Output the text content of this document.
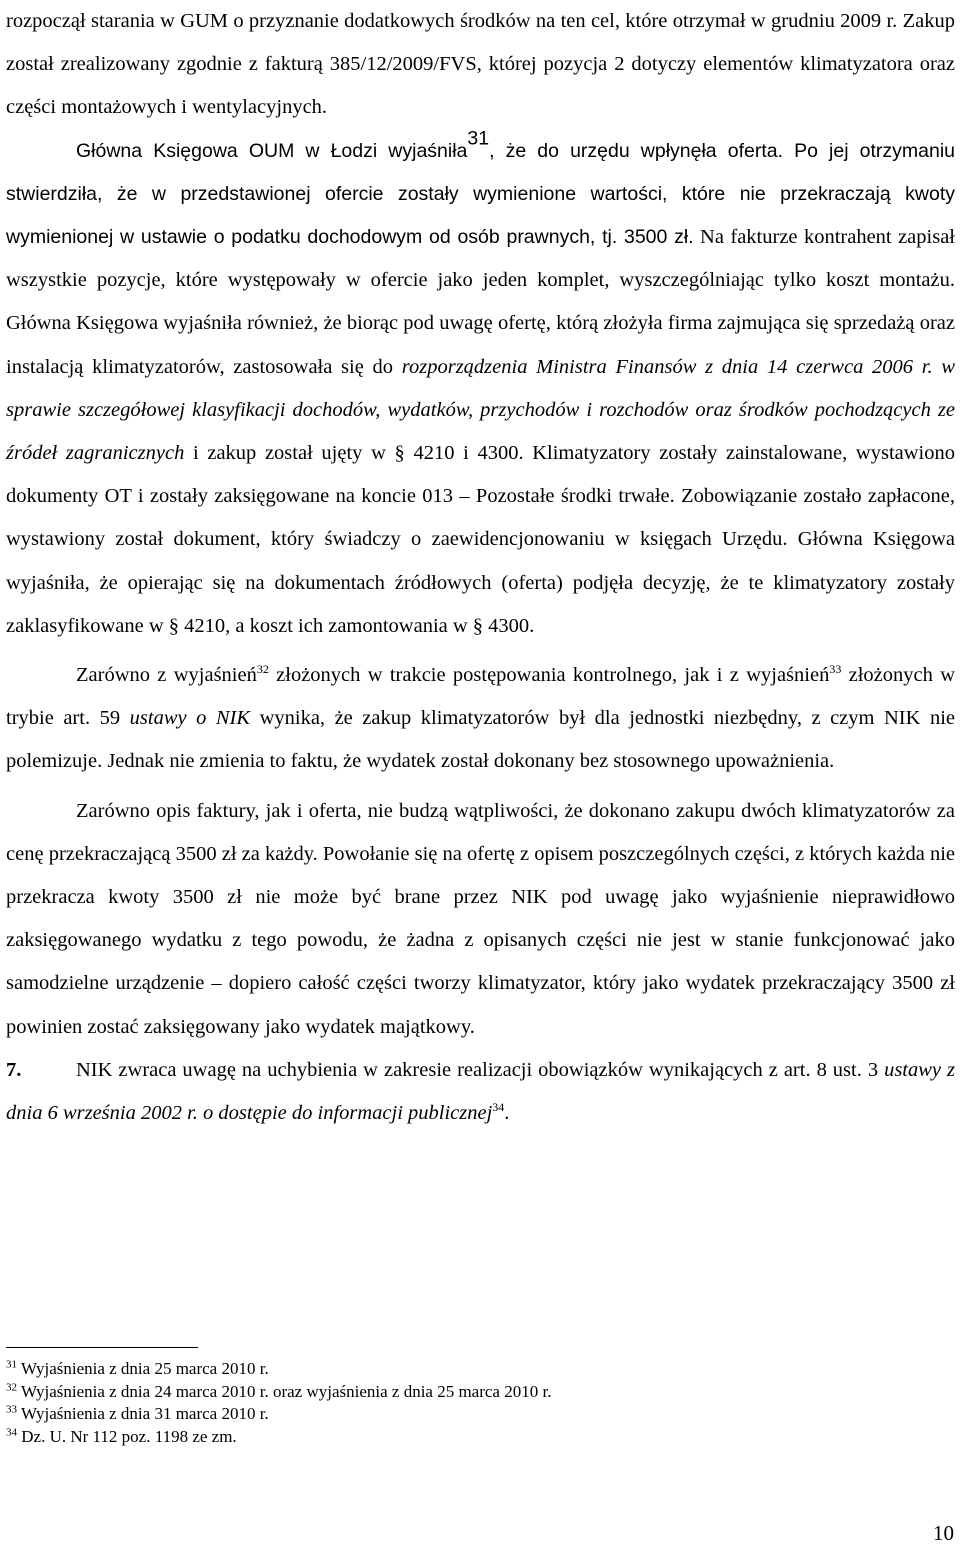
rozpoczął starania w GUM o przyznanie dodatkowych środków na ten cel, które otrzymał w grudniu 2009 r. Zakup został zrealizowany zgodnie z fakturą 385/12/2009/FVS, której pozycja 2 dotyczy elementów klimatyzatora oraz części montażowych i wentylacyjnych.

Główna Księgowa OUM w Łodzi wyjaśniła$^{31}$, że do urzędu wpłynęła oferta. Po jej otrzymaniu stwierdziła, że w przedstawionej ofercie zostały wymienione wartości, które nie przekraczają kwoty wymienionej w ustawie o podatku dochodowym od osób prawnych, tj. 3500 zł. Na fakturze kontrahent zapisał wszystkie pozycje, które występowały w ofercie jako jeden komplet, wyszczególniając tylko koszt montażu. Główna Księgowa wyjaśniła również, że biorąc pod uwagę ofertę, którą złożyła firma zajmująca się sprzedażą oraz instalacją klimatyzatorów, zastosowała się do rozporządzenia Ministra Finansów z dnia 14 czerwca 2006 r. w sprawie szczegółowej klasyfikacji dochodów, wydatków, przychodów i rozchodów oraz środków pochodzących ze źródeł zagranicznych i zakup został ujęty w § 4210 i 4300. Klimatyzatory zostały zainstalowane, wystawiono dokumenty OT i zostały zaksięgowane na koncie 013 – Pozostałe środki trwałe. Zobowiązanie zostało zapłacone, wystawiony został dokument, który świadczy o zaewidencjonowaniu w księgach Urzędu. Główna Księgowa wyjaśniła, że opierając się na dokumentach źródłowych (oferta) podjęła decyzję, że te klimatyzatory zostały zaklasyfikowane w § 4210, a koszt ich zamontowania w § 4300.

Zarówno z wyjaśnień$^{32}$ złożonych w trakcie postępowania kontrolnego, jak i z wyjaśnień$^{33}$ złożonych w trybie art. 59 ustawy o NIK wynika, że zakup klimatyzatorów był dla jednostki niezbędny, z czym NIK nie polemizuje. Jednak nie zmienia to faktu, że wydatek został dokonany bez stosownego upoważnienia.

Zarówno opis faktury, jak i oferta, nie budzą wątpliwości, że dokonano zakupu dwóch klimatyzatorów za cenę przekraczającą 3500 zł za każdy. Powołanie się na ofertę z opisem poszczególnych części, z których każda nie przekracza kwoty 3500 zł nie może być brane przez NIK pod uwagę jako wyjaśnienie nieprawidłowo zaksięgowanego wydatku z tego powodu, że żadna z opisanych części nie jest w stanie funkcjonować jako samodzielne urządzenie – dopiero całość części tworzy klimatyzator, który jako wydatek przekraczający 3500 zł powinien zostać zaksięgowany jako wydatek majątkowy.

7.	NIK zwraca uwagę na uchybienia w zakresie realizacji obowiązków wynikających z art. 8 ust. 3 ustawy z dnia 6 września 2002 r. o dostępie do informacji publicznej$^{34}$.

$^{31}$ Wyjaśnienia z dnia 25 marca 2010 r.
$^{32}$ Wyjaśnienia z dnia 24 marca 2010 r. oraz wyjaśnienia z dnia 25 marca 2010 r.
$^{33}$ Wyjaśnienia z dnia 31 marca 2010 r.
$^{34}$ Dz. U. Nr 112 poz. 1198 ze zm.
10
